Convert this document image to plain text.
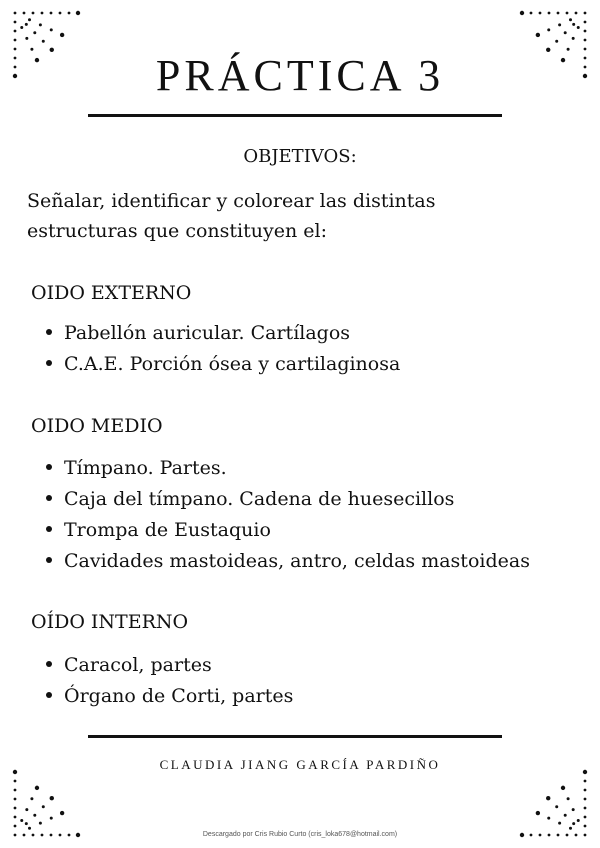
PRÁCTICA 3
OBJETIVOS:
Señalar, identificar y colorear las distintas
estructuras que constituyen el:
OIDO EXTERNO
Pabellón auricular. Cartílagos
C.A.E. Porción ósea y cartilaginosa
OIDO MEDIO
Tímpano. Partes.
Caja del tímpano. Cadena de huesecillos
Trompa de Eustaquio
Cavidades mastoideas, antro, celdas mastoideas
OÍDO INTERNO
Caracol, partes
Órgano de Corti, partes
CLAUDIA JIANG GARCÍA PARDIÑO
Descargado por Cris Rubio Curto (cris_loka678@hotmail.com)
